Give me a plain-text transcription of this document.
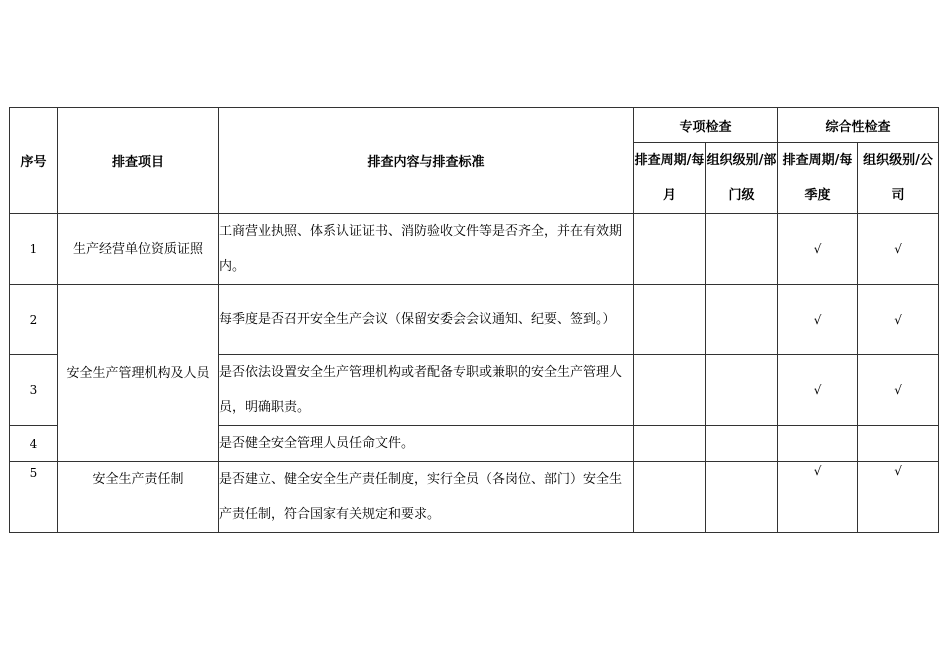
序号	排查项目	排查内容与排查标准	专项检查		综合性检查	
			排查周期/每月	组织级别/部门级	排查周期/每季度	组织级别/公司
1	生产经营单位资质证照	工商营业执照、体系认证证书、消防验收文件等是否齐全，并在有效期内。			√	√
2	安全生产管理机构及人员	每季度是否召开安全生产会议（保留安委会会议通知、纪要、签到。）			√	√
3		是否依法设置安全生产管理机构或者配备专职或兼职的安全生产管理人员，明确职责。			√	√
4		是否健全安全管理人员任命文件。				
5	安全生产责任制	是否建立、健全安全生产责任制度，实行全员（各岗位、部门）安全生产责任制，符合国家有关规定和要求。			√	√
